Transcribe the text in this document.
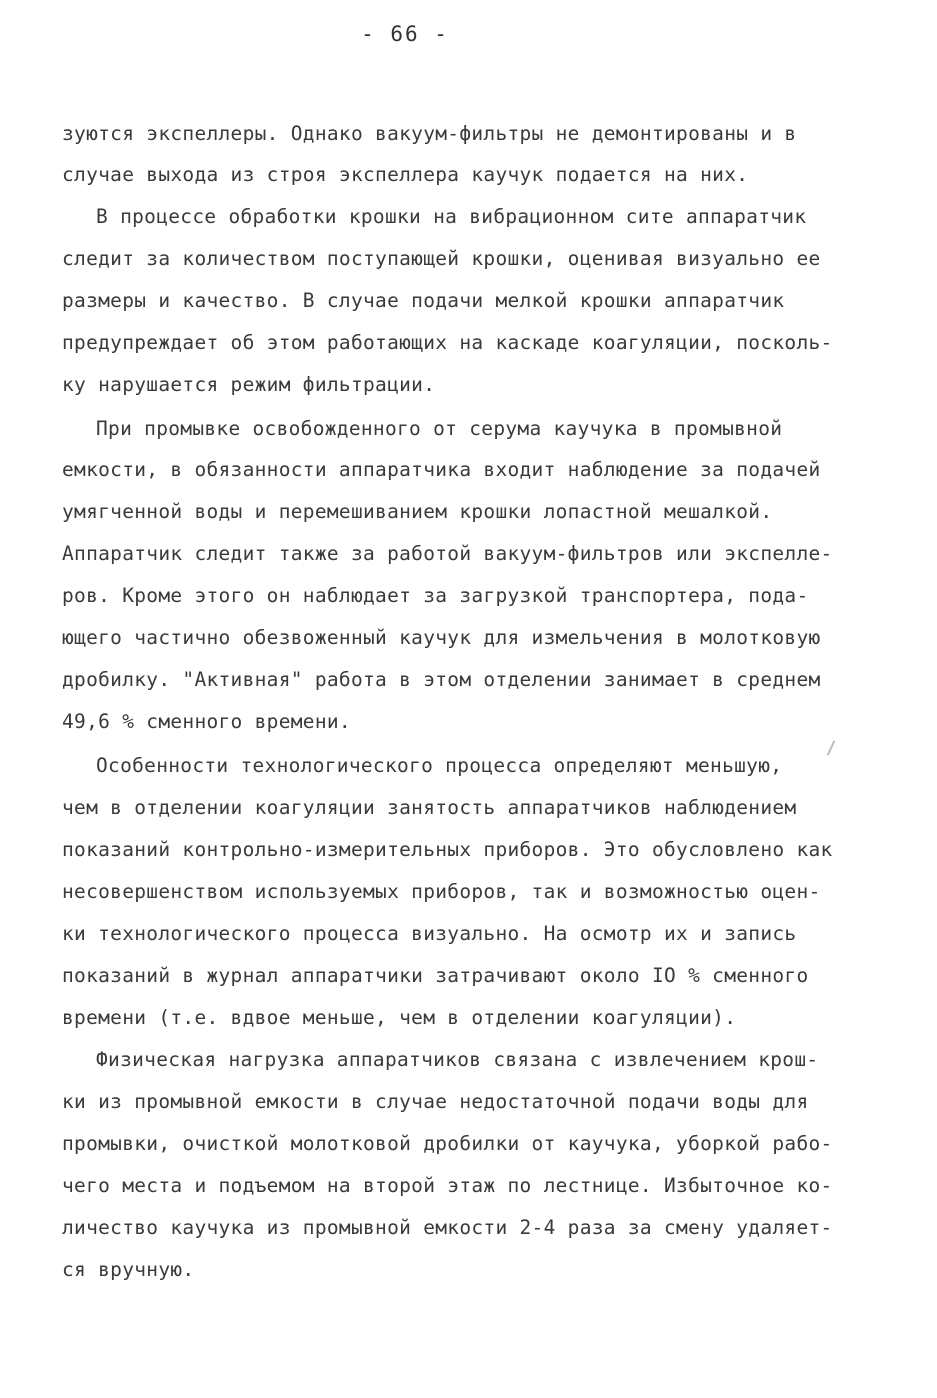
- 66 -
зуются экспеллеры. Однако вакуум-фильтры не демонтированы и в
случае выхода из строя экспеллера каучук подается на них.
В процессе обработки крошки на вибрационном сите аппаратчик
следит за количеством поступающей крошки, оценивая визуально ее
размеры и качество. В случае подачи мелкой крошки аппаратчик
предупреждает об этом работающих на каскаде коагуляции, посколь-
ку нарушается режим фильтрации.
При промывке освобожденного от серума каучука в промывной
емкости, в обязанности аппаратчика входит наблюдение за подачей
умягченной воды и перемешиванием крошки лопастной мешалкой.
Аппаратчик следит также за работой вакуум-фильтров или экспелле-
ров. Кроме этого он наблюдает за загрузкой транспортера, пода-
ющего частично обезвоженный каучук для измельчения в молотковую
дробилку. "Активная" работа в этом отделении занимает в среднем
49,6 % сменного времени.
Особенности технологического процесса определяют меньшую,
чем в отделении коагуляции занятость аппаратчиков наблюдением
показаний контрольно-измерительных приборов. Это обусловлено как
несовершенством используемых приборов, так и возможностью оцен-
ки технологического процесса визуально. На осмотр их и запись
показаний в журнал аппаратчики затрачивают около IO % сменного
времени (т.е. вдвое меньше, чем в отделении коагуляции).
Физическая нагрузка аппаратчиков связана с извлечением крош-
ки из промывной емкости в случае недостаточной подачи воды для
промывки, очисткой молотковой дробилки от каучука, уборкой рабо-
чего места и подъемом на второй этаж по лестнице. Избыточное ко-
личество каучука из промывной емкости 2-4 раза за смену удаляет-
ся вручную.
